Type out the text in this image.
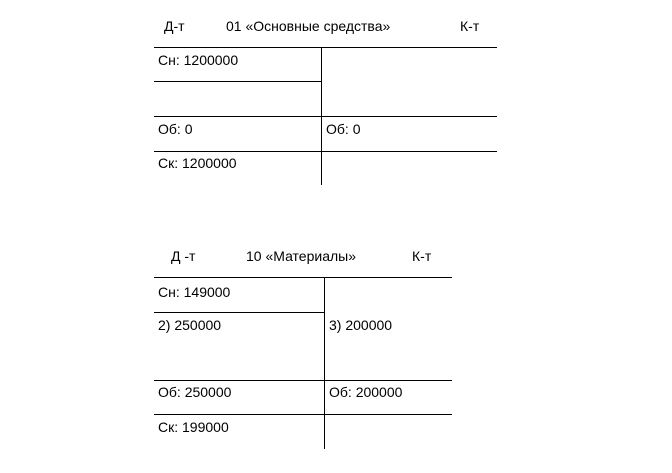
Д-т	01 «Основные средства»	К-т
Сн: 1200000
Об: 0	Об: 0
Ск: 1200000
Д -т	10 «Материалы»	К-т
Сн: 149000
2) 250000	3) 200000
Об: 250000	Об: 200000
Ск: 199000
